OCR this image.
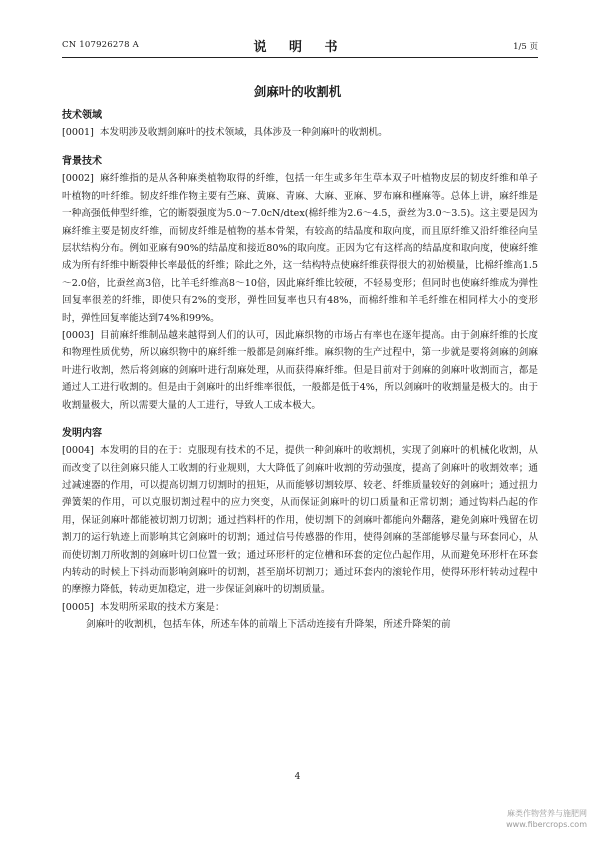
CN 107926278 A	说 明 书	1/5 页
剑麻叶的收割机
技术领域

[0001] 本发明涉及收割剑麻叶的技术领域，具体涉及一种剑麻叶的收割机。

背景技术

[0002] 麻纤维指的是从各种麻类植物取得的纤维，包括一年生或多年生草本双子叶植物皮层的韧皮纤维和单子叶植物的叶纤维。韧皮纤维作物主要有苎麻、黄麻、青麻、大麻、亚麻、罗布麻和槿麻等。总体上讲，麻纤维是一种高强低伸型纤维，它的断裂强度为5.0～7.0cN/dtex(棉纤维为2.6～4.5，蚕丝为3.0～3.5)。这主要是因为麻纤维主要是韧皮纤维，而韧皮纤维是植物的基本骨架，有较高的结晶度和取向度，而且原纤维又沿纤维径向呈层状结构分布。例如亚麻有90%的结晶度和接近80%的取向度。正因为它有这样高的结晶度和取向度，使麻纤维成为所有纤维中断裂伸长率最低的纤维；除此之外，这一结构特点使麻纤维获得很大的初始模量，比棉纤维高1.5～2.0倍，比蚕丝高3倍，比羊毛纤维高8～10倍，因此麻纤维比较硬，不轻易变形；但同时也使麻纤维成为弹性回复率很差的纤维，即使只有2%的变形，弹性回复率也只有48%，而棉纤维和羊毛纤维在相同样大小的变形时，弹性回复率能达到74%和99%。

[0003] 目前麻纤维制品越来越得到人们的认可，因此麻织物的市场占有率也在逐年提高。由于剑麻纤维的长度和物理性质优势，所以麻织物中的麻纤维一般都是剑麻纤维。麻织物的生产过程中，第一步就是要将剑麻的剑麻叶进行收割，然后将剑麻的剑麻叶进行刮麻处理，从而获得麻纤维。但是目前对于剑麻的剑麻叶收割而言，都是通过人工进行收割的。但是由于剑麻叶的出纤维率很低，一般都是低于4%，所以剑麻叶的收割量是极大的。由于收割量极大，所以需要大量的人工进行，导致人工成本极大。

发明内容

[0004] 本发明的目的在于：克服现有技术的不足，提供一种剑麻叶的收割机，实现了剑麻叶的机械化收割，从而改变了以往剑麻只能人工收割的行业规则，大大降低了剑麻叶收割的劳动强度，提高了剑麻叶的收割效率；通过减速器的作用，可以提高切割刀切割时的扭矩，从而能够切割较厚、较老、纤维质量较好的剑麻叶；通过扭力弹簧架的作用，可以克服切割过程中的应力突变，从而保证剑麻叶的切口质量和正常切割；通过钩料凸起的作用，保证剑麻叶都能被切割刀切割；通过挡料杆的作用，使切割下的剑麻叶都能向外翻落，避免剑麻叶残留在切割刀的运行轨迹上而影响其它剑麻叶的切割；通过信号传感器的作用，使得剑麻的茎部能够尽量与环套同心，从而使切割刀所收割的剑麻叶切口位置一致；通过环形杆的定位槽和环套的定位凸起作用，从而避免环形杆在环套内转动的时候上下抖动而影响剑麻叶的切割，甚至崩坏切割刀；通过环套内的滚轮作用，使得环形杆转动过程中的摩擦力降低，转动更加稳定，进一步保证剑麻叶的切割质量。

[0005] 本发明所采取的技术方案是：

剑麻叶的收割机，包括车体，所述车体的前端上下活动连接有升降架，所述升降架的前

4
麻类作物营养与施肥网
www.fibercrops.com
